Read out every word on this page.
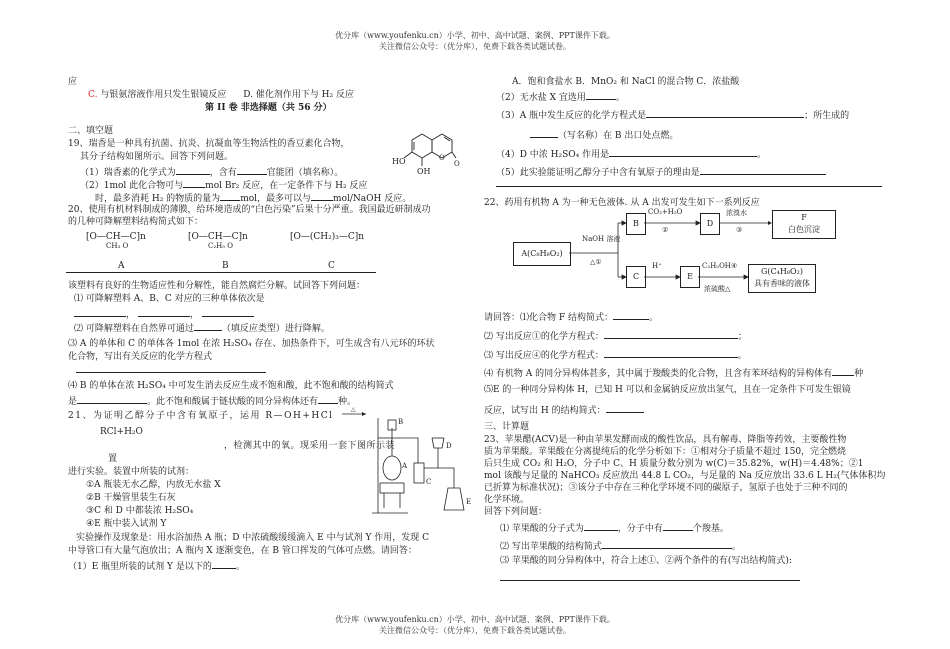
优分库（www.youfenku.cn）小学、初中、高中试题、案例、PPT课件下载。
关注微信公众号：（优分库），免费下载各类试题试卷。
应
C. 与银氨溶液作用只发生银镜反应 D. 催化剂作用下与 H₂ 反应
第 II 卷 非选择题（共 56 分）
二、填空题
19、瑞香是一种具有抗菌、抗炎、抗凝血等生物活性的香豆素化合物，
其分子结构如图所示。回答下列问题。
（1）瑞香素的化学式为	，含有	官能团（填名称）。
（2）1mol 此化合物可与 mol Br₂ 反应，在一定条件下与 H₂ 反应
时，最多消耗 H₂ 的物质的量为 mol，最多可以与 mol/NaOH 反应。
HO
OH
O
O
20、使用有机材料制成的薄膜，给环境造成的“白色污染”后果十分严重。我国最近研制成功
的几种可降解塑料结构简式如下：
[O—CH—C]n
CH₃ O
[O—CH—C]n
C₂H₅ O
[O—(CH₂)₃—C]n
A	B	C
该塑料有良好的生物适应性和分解性，能自然腐烂分解。试回答下列问题：
⑴ 可降解塑料 A、B、C 对应的三种单体依次是
，	，
⑵ 可降解塑料在自然界可通过	（填反应类型）进行降解。
⑶ A 的单体和 C 的单体各 1mol 在浓 H₂SO₄ 存在、加热条件下，可生成含有八元环的环状
化合物，写出有关反应的化学方程式
⑷ B 的单体在浓 H₂SO₄ 中可发生消去反应生成不饱和酸，此不饱和酸的结构简式
是	。此不饱和酸属于链状酸的同分异构体还有 种。
21、为证明乙醇分子中含有氧原子，运用 R—OH+HCl
RCl+H₂O
，检测其中的氧。现采用一套下图所示装
置
进行实验。装置中所装的试剂：
①A 瓶装无水乙醇，内放无水盐 X
②B 干燥管里装生石灰
③C 和 D 中都装浓 H₂SO₄
④E 瓶中装入试剂 Y
实验操作及现象是：用水浴加热 A 瓶；D 中浓硫酸缓缓滴入 E 中与试剂 Y 作用，发现 C
中导管口有大量气泡放出；A 瓶内 X 逐渐变色，在 B 管口挥发的气体可点燃。请回答：
（1）E 瓶里所装的试剂 Y 是以下的	。
△
B
A
C
D
E
A．饱和食盐水 B．MnO₂ 和 NaCl 的混合物 C．浓盐酸
（2）无水盐 X 宜选用	。
（3）A 瓶中发生反应的化学方程式是	；所生成的
（写名称）在 B 出口处点燃。
（4）D 中浓 H₂SO₄ 作用是	。
（5）此实验能证明乙醇分子中含有氧原子的理由是
22、药用有机物 A 为一种无色液体. 从 A 出发可发生如下一系列反应
A(C₈H₈O₂)
NaOH 溶液
△①
B
CO₂+H₂O
②
D
浓溴水
③
F
白色沉淀
C
H⁺
E
C₂H₅OH④
浓硫酸△
G(C₄H₈O₂)
具有香味的液体
请回答：⑴化合物 F 结构简式：	。
⑵ 写出反应①的化学方程式：	；
⑶ 写出反应④的化学方程式：	。
⑷ 有机物 A 的同分异构体甚多，其中属于羧酸类的化合物，且含有苯环结构的异构体有 种
⑸E 的一种同分异构体 H，已知 H 可以和金属钠反应放出氢气，且在一定条件下可发生银镜
反应，试写出 H 的结构简式：
三、计算题
23、苹果醋(ACV)是一种由苹果发酵而成的酸性饮品，具有解毒、降脂等药效，主要酸性物
质为苹果酸。苹果酸在分离提纯后的化学分析如下：①相对分子质量不超过 150，完全燃烧
后只生成 CO₂ 和 H₂O，分子中 C、H 质量分数分别为 w(C)＝35.82%，w(H)＝4.48%；②1
mol 该酸与足量的 NaHCO₃ 反应放出 44.8 L CO₂，与足量的 Na 反应放出 33.6 L H₂(气体体积均
已折算为标准状况)；③该分子中存在三种化学环境不同的碳原子，氢原子也处于三种不同的
化学环境。
回答下列问题：
⑴ 苹果酸的分子式为	，分子中有	个羧基。
⑵ 写出苹果酸的结构简式	。
⑶ 苹果酸的同分异构体中，符合上述①、②两个条件的有(写出结构简式):
优分库（www.youfenku.cn）小学、初中、高中试题、案例、PPT课件下载。
关注微信公众号：（优分库），免费下载各类试题试卷。
